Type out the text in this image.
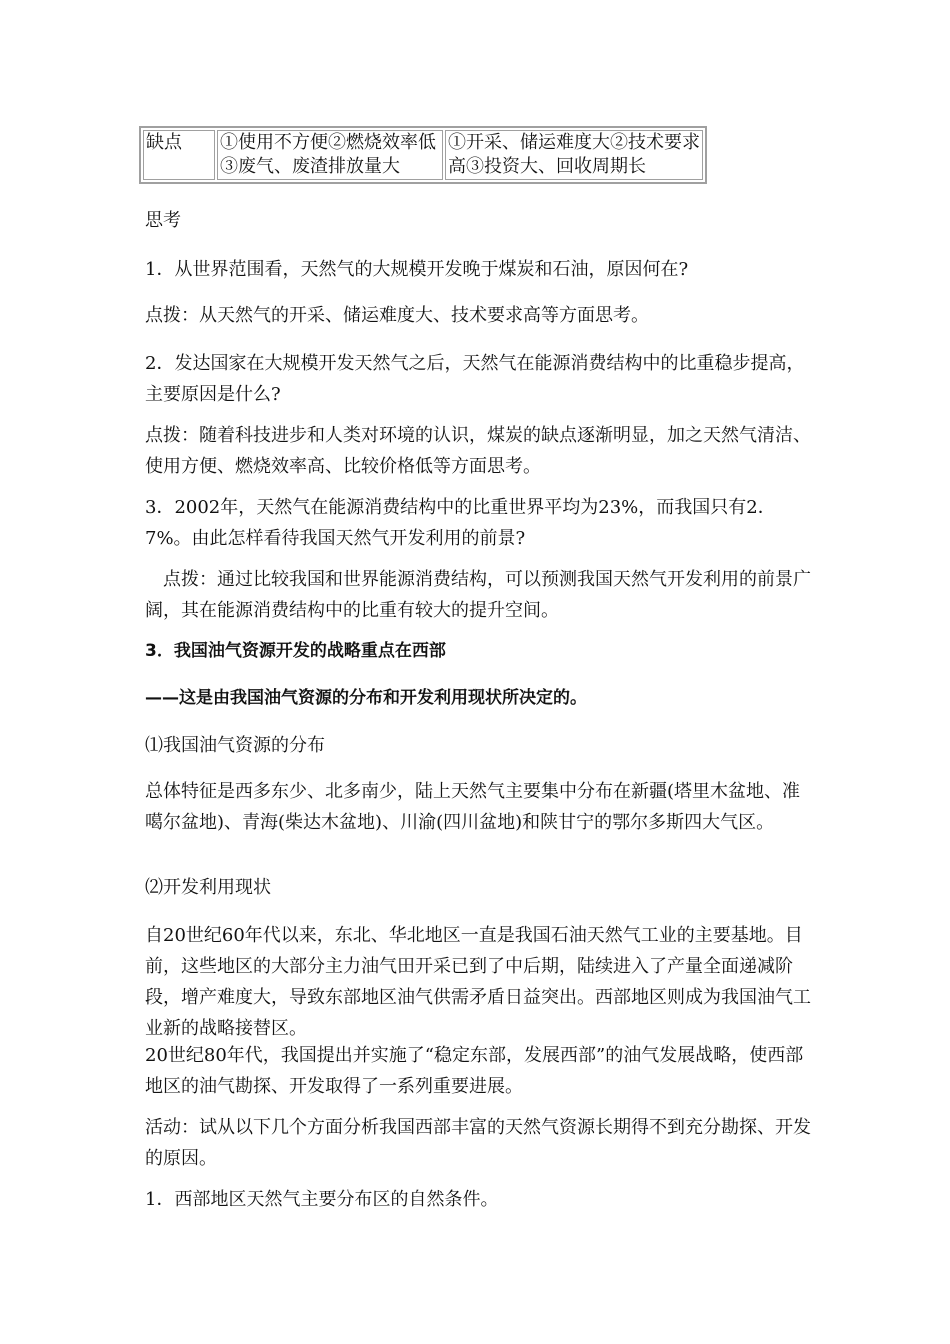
缺点	①使用不方便②燃烧效率低③废气、废渣排放量大	①开采、储运难度大②技术要求高③投资大、回收周期长

思考

1．从世界范围看，天然气的大规模开发晚于煤炭和石油，原因何在?

点拨：从天然气的开采、储运难度大、技术要求高等方面思考。

2．发达国家在大规模开发天然气之后，天然气在能源消费结构中的比重稳步提高，主要原因是什么?

点拨：随着科技进步和人类对环境的认识，煤炭的缺点逐渐明显，加之天然气清洁、使用方便、燃烧效率高、比较价格低等方面思考。

3．2002年，天然气在能源消费结构中的比重世界平均为23%，而我国只有2．7%。由此怎样看待我国天然气开发利用的前景?

　点拨：通过比较我国和世界能源消费结构，可以预测我国天然气开发利用的前景广阔，其在能源消费结构中的比重有较大的提升空间。

3．我国油气资源开发的战略重点在西部

——这是由我国油气资源的分布和开发利用现状所决定的。

⑴我国油气资源的分布

总体特征是西多东少、北多南少，陆上天然气主要集中分布在新疆(塔里木盆地、准噶尔盆地)、青海(柴达木盆地)、川渝(四川盆地)和陕甘宁的鄂尔多斯四大气区。

⑵开发利用现状

自20世纪60年代以来，东北、华北地区一直是我国石油天然气工业的主要基地。目前，这些地区的大部分主力油气田开采已到了中后期，陆续进入了产量全面递减阶段，增产难度大，导致东部地区油气供需矛盾日益突出。西部地区则成为我国油气工业新的战略接替区。

20世纪80年代，我国提出并实施了“稳定东部，发展西部”的油气发展战略，使西部地区的油气勘探、开发取得了一系列重要进展。

活动：试从以下几个方面分析我国西部丰富的天然气资源长期得不到充分勘探、开发的原因。

1．西部地区天然气主要分布区的自然条件。
